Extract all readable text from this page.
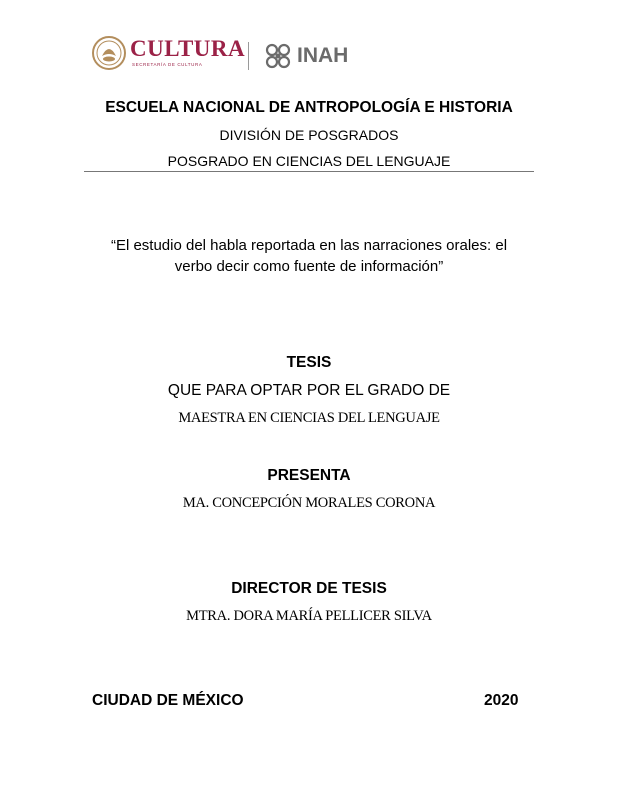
CULTURA
SECRETARÍA DE CULTURA	INAH
ESCUELA NACIONAL DE ANTROPOLOGÍA E HISTORIA
DIVISIÓN DE POSGRADOS
POSGRADO EN CIENCIAS DEL LENGUAJE
“El estudio del habla reportada en las narraciones orales: el
verbo decir como fuente de información”
TESIS
QUE PARA OPTAR POR EL GRADO DE
MAESTRA EN CIENCIAS DEL LENGUAJE
PRESENTA
MA. CONCEPCIÓN MORALES CORONA
DIRECTOR DE TESIS
MTRA. DORA MARÍA PELLICER SILVA
CIUDAD DE MÉXICO	2020
